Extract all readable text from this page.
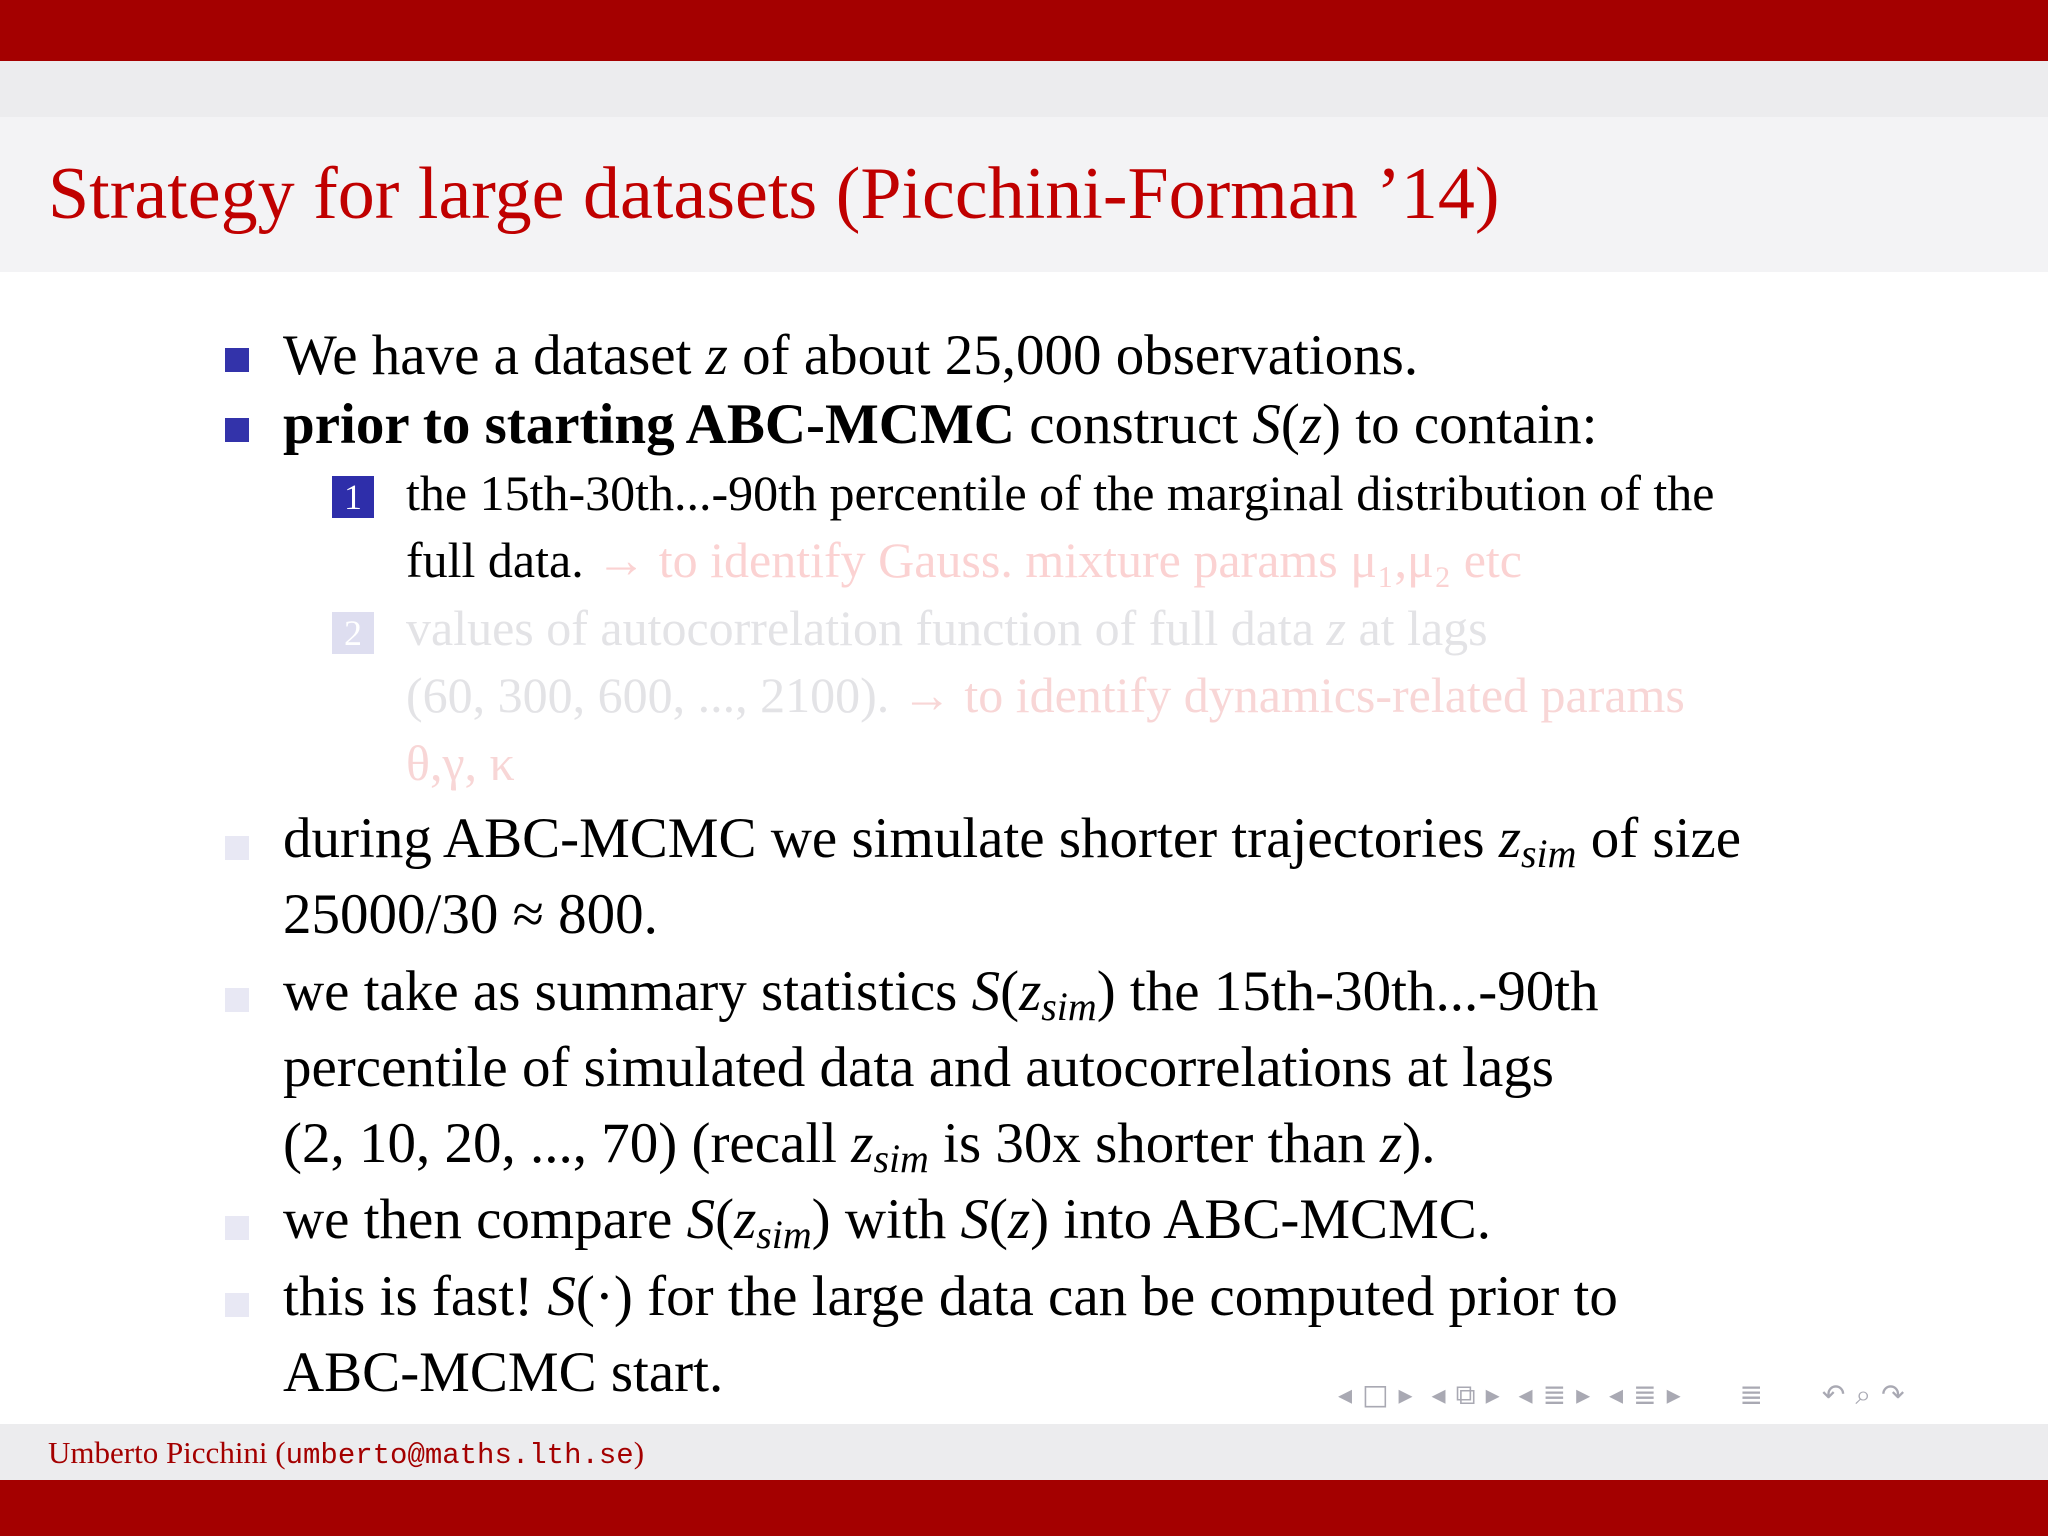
Strategy for large datasets (Picchini-Forman ’14)
We have a dataset z of about 25,000 observations.
prior to starting ABC-MCMC construct S(z) to contain:
1 the 15th-30th...-90th percentile of the marginal distribution of the
full data. → to identify Gauss. mixture params μ₁,μ₂ etc
2 values of autocorrelation function of full data z at lags
(60, 300, 600, ..., 2100). → to identify dynamics-related params
θ,γ, κ
during ABC-MCMC we simulate shorter trajectories $z_{sim}$ of size
25000/30 ≈ 800.
we take as summary statistics $S(z_{sim})$ the 15th-30th...-90th
percentile of simulated data and autocorrelations at lags
(2, 10, 20, ..., 70) (recall $z_{sim}$ is 30x shorter than z).
we then compare $S(z_{sim})$ with S(z) into ABC-MCMC.
this is fast! S(·) for the large data can be computed prior to
ABC-MCMC start.	◂ □ ▸ ◂ ⧉ ▸ ◂ ≣ ▸ ◂ ≣ ▸ ≣ ↶ ⌕ ↷
Umberto Picchini (umberto@maths.lth.se)
